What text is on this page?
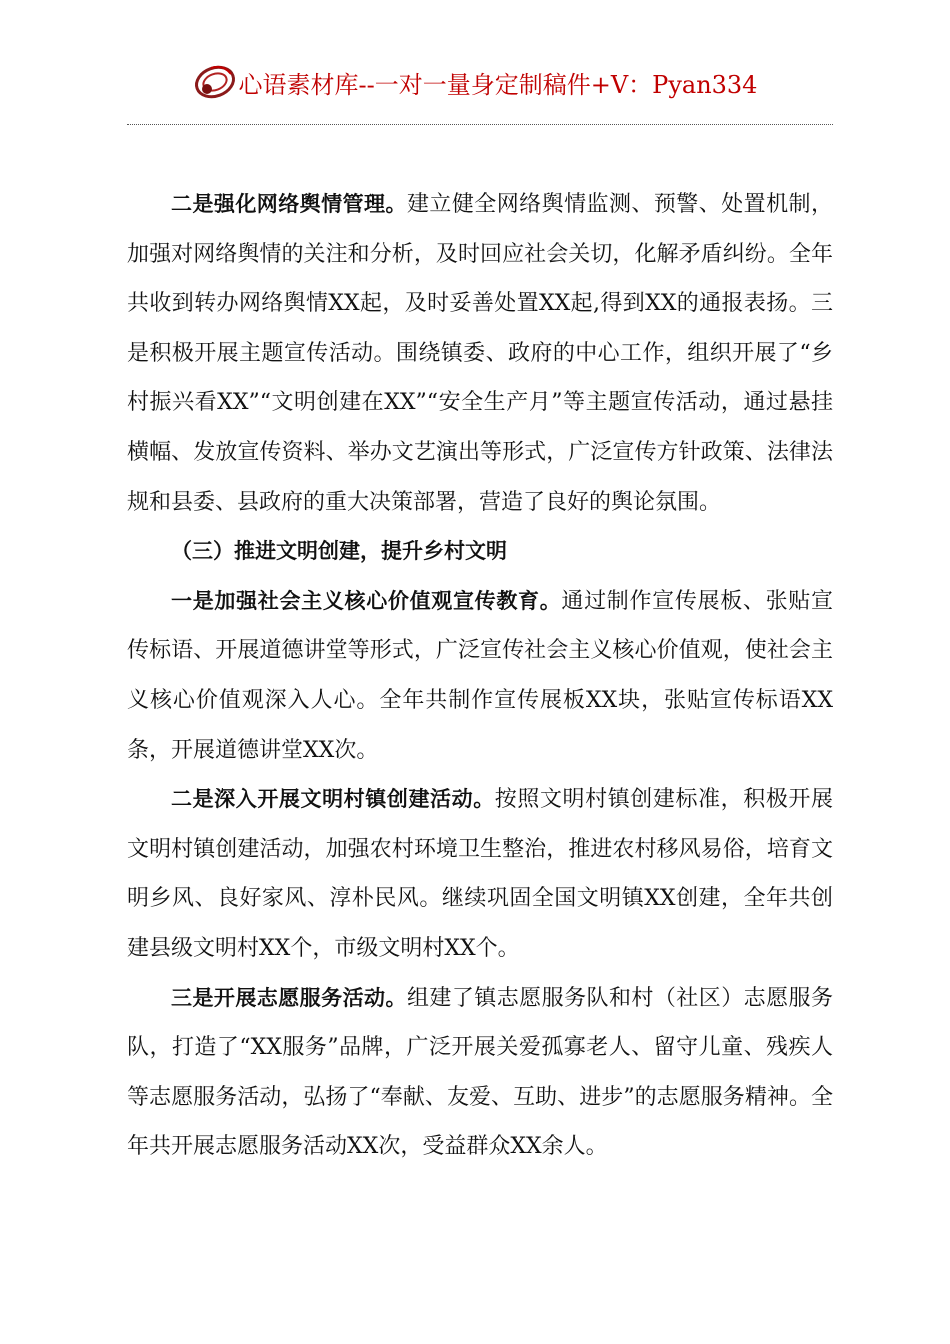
心语素材库--一对一量身定制稿件+V：Pyan334

二是强化网络舆情管理。建立健全网络舆情监测、预警、处置机制，加强对网络舆情的关注和分析，及时回应社会关切，化解矛盾纠纷。全年共收到转办网络舆情XX起，及时妥善处置XX起,得到XX的通报表扬。三是积极开展主题宣传活动。围绕镇委、政府的中心工作，组织开展了“乡村振兴看XX”“文明创建在XX”“安全生产月”等主题宣传活动，通过悬挂横幅、发放宣传资料、举办文艺演出等形式，广泛宣传方针政策、法律法规和县委、县政府的重大决策部署，营造了良好的舆论氛围。

（三）推进文明创建，提升乡村文明

一是加强社会主义核心价值观宣传教育。通过制作宣传展板、张贴宣传标语、开展道德讲堂等形式，广泛宣传社会主义核心价值观，使社会主义核心价值观深入人心。全年共制作宣传展板XX块，张贴宣传标语XX条，开展道德讲堂XX次。

二是深入开展文明村镇创建活动。按照文明村镇创建标准，积极开展文明村镇创建活动，加强农村环境卫生整治，推进农村移风易俗，培育文明乡风、良好家风、淳朴民风。继续巩固全国文明镇XX创建，全年共创建县级文明村XX个，市级文明村XX个。

三是开展志愿服务活动。组建了镇志愿服务队和村（社区）志愿服务队，打造了“XX服务”品牌，广泛开展关爱孤寡老人、留守儿童、残疾人等志愿服务活动，弘扬了“奉献、友爱、互助、进步”的志愿服务精神。全年共开展志愿服务活动XX次，受益群众XX余人。
